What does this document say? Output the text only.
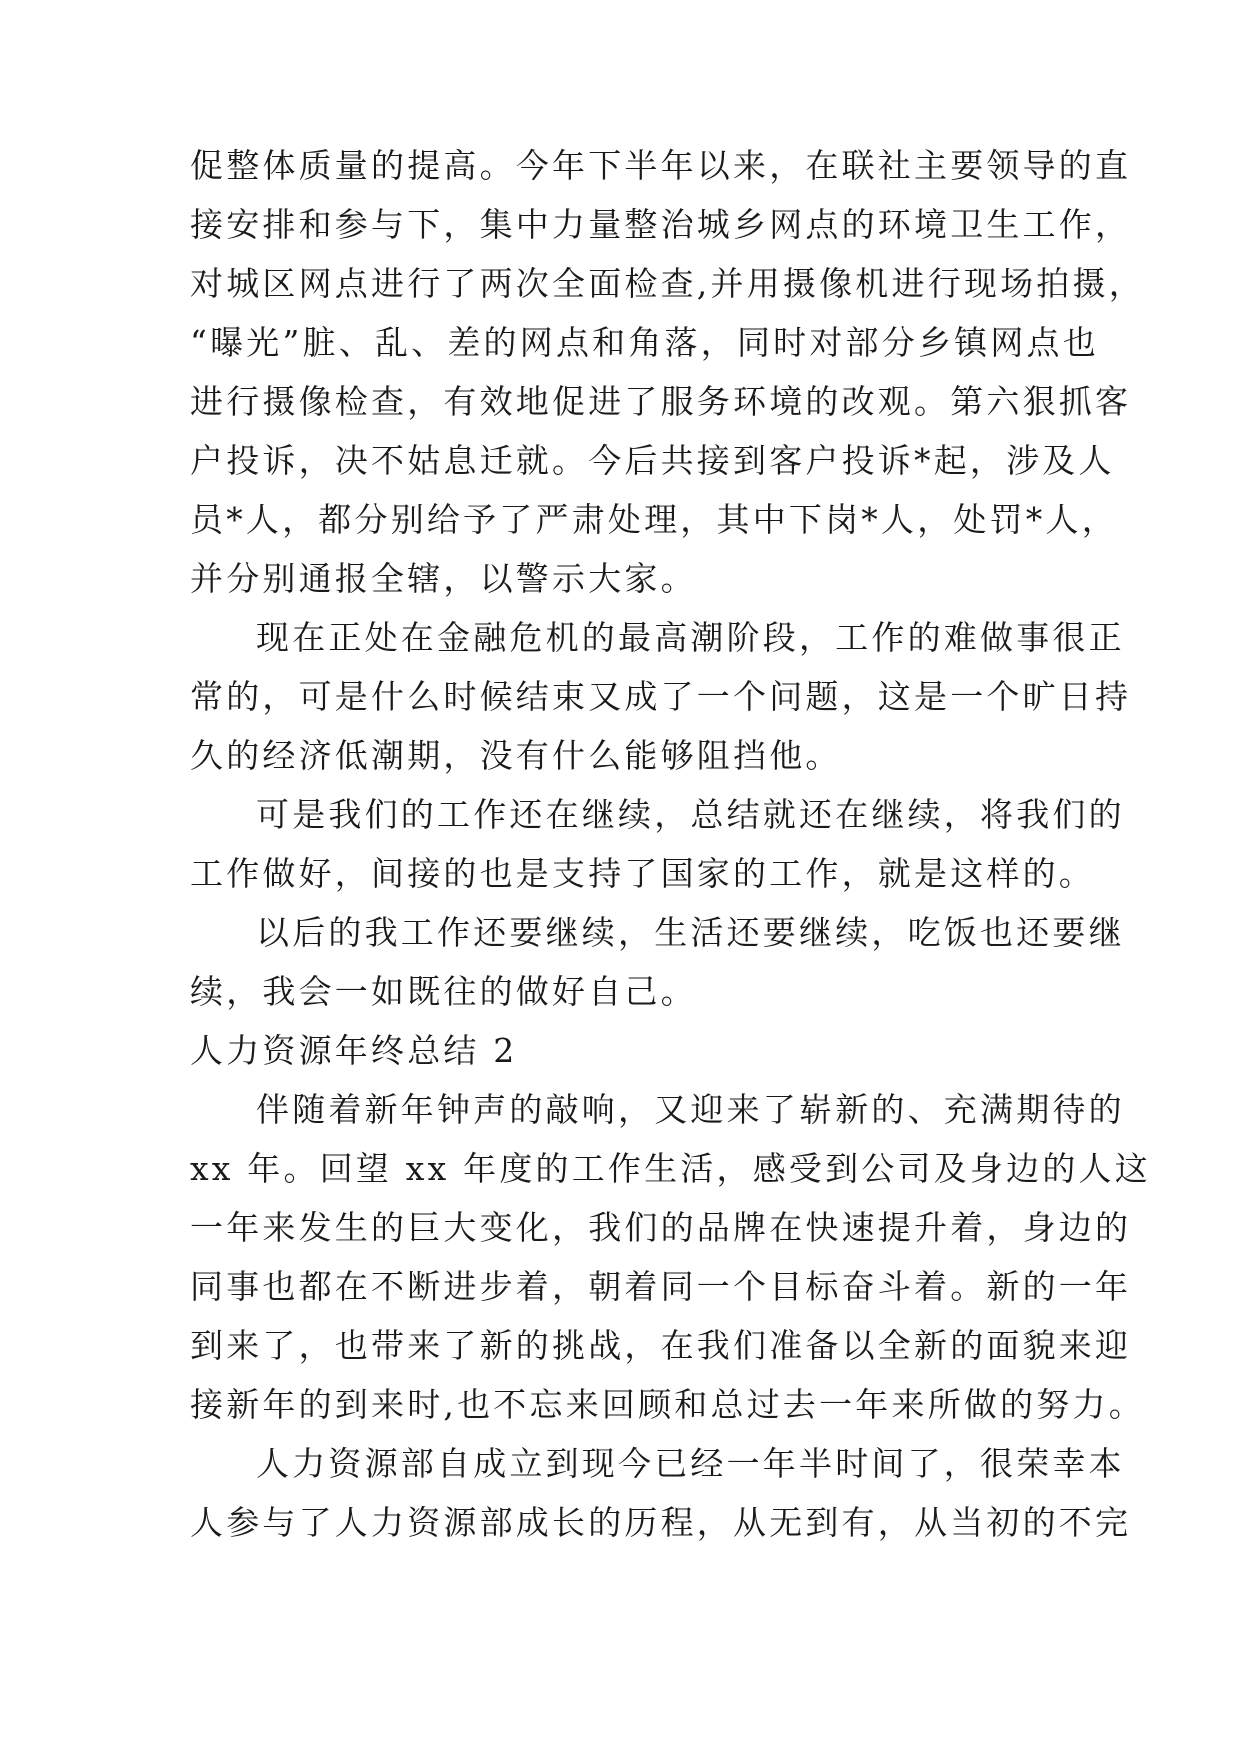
促整体质量的提高。今年下半年以来，在联社主要领导的直
接安排和参与下，集中力量整治城乡网点的环境卫生工作，
对城区网点进行了两次全面检查,并用摄像机进行现场拍摄，
“曝光”脏、乱、差的网点和角落，同时对部分乡镇网点也
进行摄像检查，有效地促进了服务环境的改观。第六狠抓客
户投诉，决不姑息迁就。今后共接到客户投诉*起，涉及人
员*人，都分别给予了严肃处理，其中下岗*人，处罚*人，
并分别通报全辖，以警示大家。
现在正处在金融危机的最高潮阶段，工作的难做事很正
常的，可是什么时候结束又成了一个问题，这是一个旷日持
久的经济低潮期，没有什么能够阻挡他。
可是我们的工作还在继续，总结就还在继续，将我们的
工作做好，间接的也是支持了国家的工作，就是这样的。
以后的我工作还要继续，生活还要继续，吃饭也还要继
续，我会一如既往的做好自己。
人力资源年终总结 2
伴随着新年钟声的敲响，又迎来了崭新的、充满期待的
xx 年。回望 xx 年度的工作生活，感受到公司及身边的人这
一年来发生的巨大变化，我们的品牌在快速提升着，身边的
同事也都在不断进步着，朝着同一个目标奋斗着。新的一年
到来了，也带来了新的挑战，在我们准备以全新的面貌来迎
接新年的到来时,也不忘来回顾和总过去一年来所做的努力。
人力资源部自成立到现今已经一年半时间了，很荣幸本
人参与了人力资源部成长的历程，从无到有，从当初的不完
